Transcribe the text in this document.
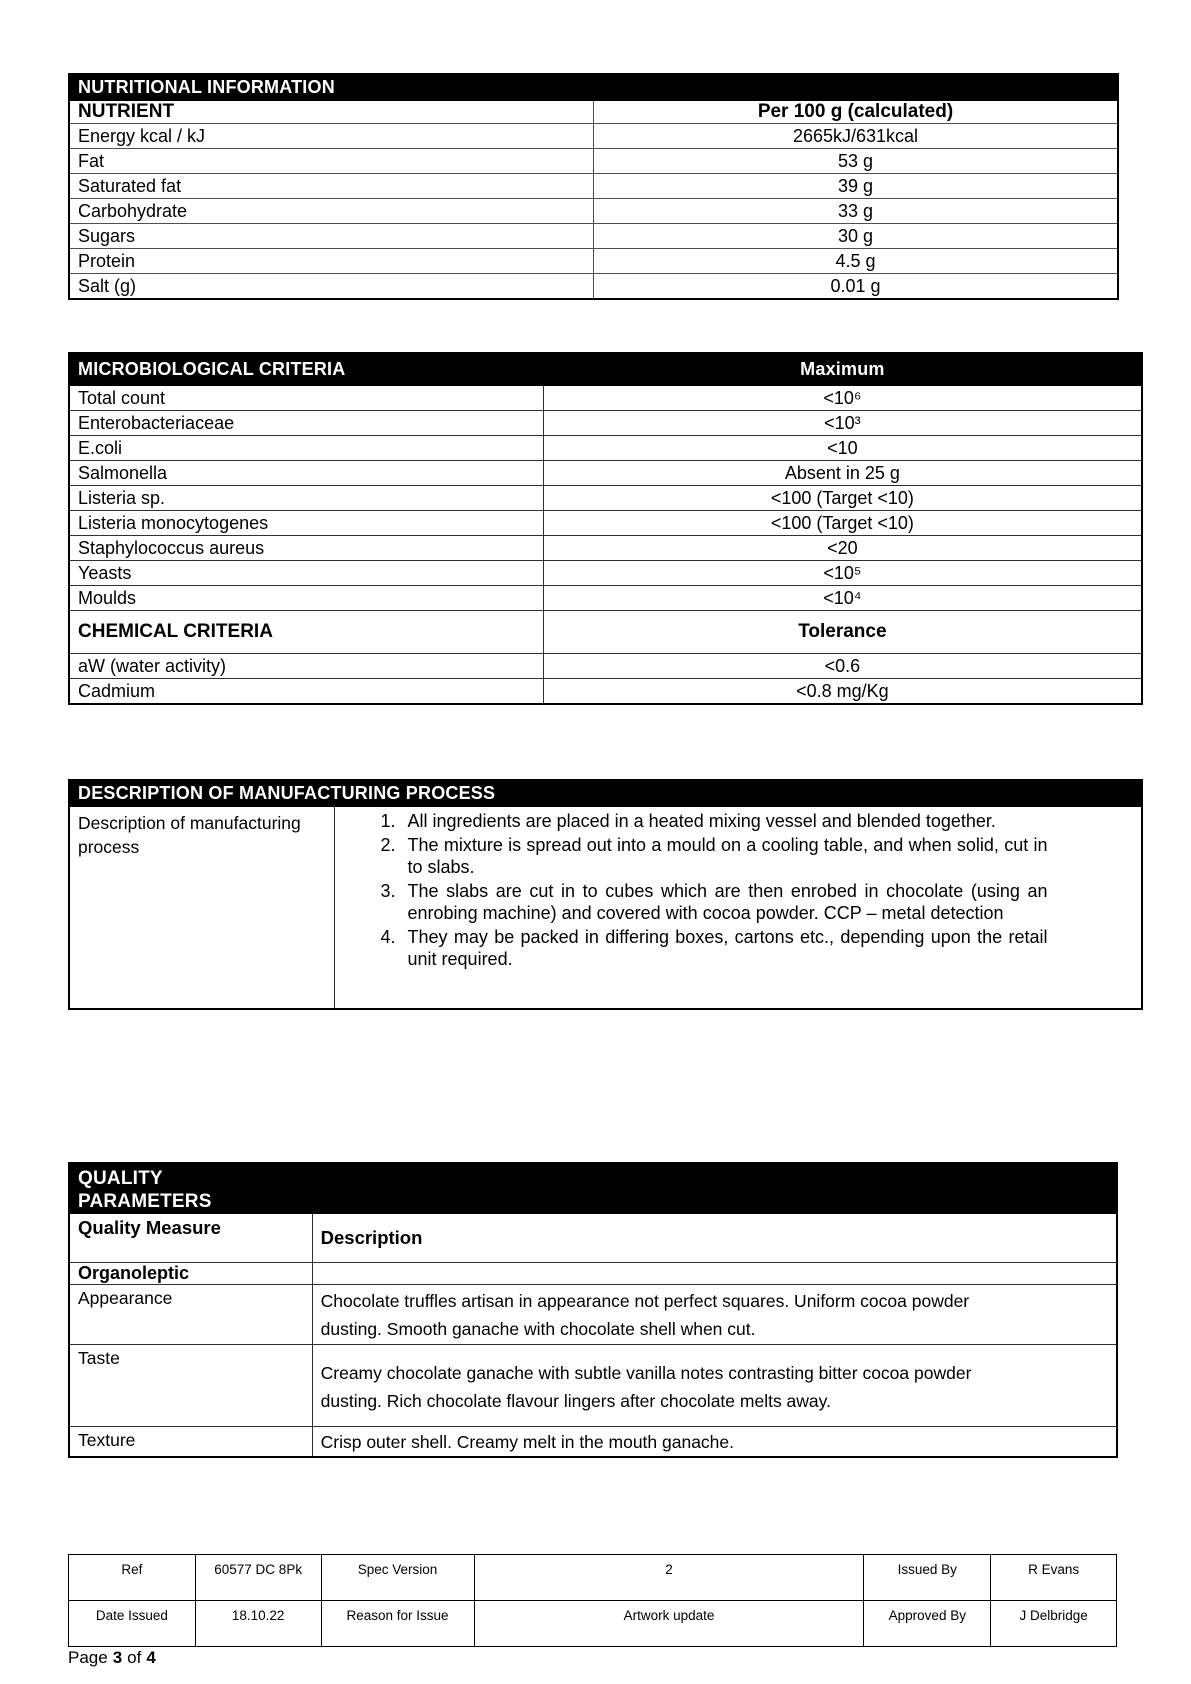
NUTRITIONAL INFORMATION	
NUTRIENT	Per 100 g (calculated)
Energy kcal / kJ	2665kJ/631kcal
Fat	53 g
Saturated fat	39 g
Carbohydrate	33 g
Sugars	30 g
Protein	4.5 g
Salt (g)	0.01 g
MICROBIOLOGICAL CRITERIA	Maximum
Total count	<10⁶
Enterobacteriaceae	<10³
E.coli	<10
Salmonella	Absent in 25 g
Listeria sp.	<100 (Target <10)
Listeria monocytogenes	<100 (Target <10)
Staphylococcus aureus	<20
Yeasts	<10⁵
Moulds	<10⁴
CHEMICAL CRITERIA	Tolerance
aW (water activity)	<0.6
Cadmium	<0.8 mg/Kg
DESCRIPTION OF MANUFACTURING PROCESS

Description of manufacturing process

1. All ingredients are placed in a heated mixing vessel and blended together.
2. The mixture is spread out into a mould on a cooling table, and when solid, cut in to slabs.
3. The slabs are cut in to cubes which are then enrobed in chocolate (using an enrobing machine) and covered with cocoa powder. CCP – metal detection
4. They may be packed in differing boxes, cartons etc., depending upon the retail unit required.
QUALITY
PARAMETERS	

Quality Measure	Description
Organoleptic	
Appearance	Chocolate truffles artisan in appearance not perfect squares. Uniform cocoa powder dusting. Smooth ganache with chocolate shell when cut.

Taste	Creamy chocolate ganache with subtle vanilla notes contrasting bitter cocoa powder dusting. Rich chocolate flavour lingers after chocolate melts away.

Texture	Crisp outer shell. Creamy melt in the mouth ganache.
Ref	60577 DC 8Pk	Spec Version	2	Issued By	R Evans
Date Issued	18.10.22	Reason for Issue	Artwork update	Approved By	J Delbridge
Page 3 of 4
